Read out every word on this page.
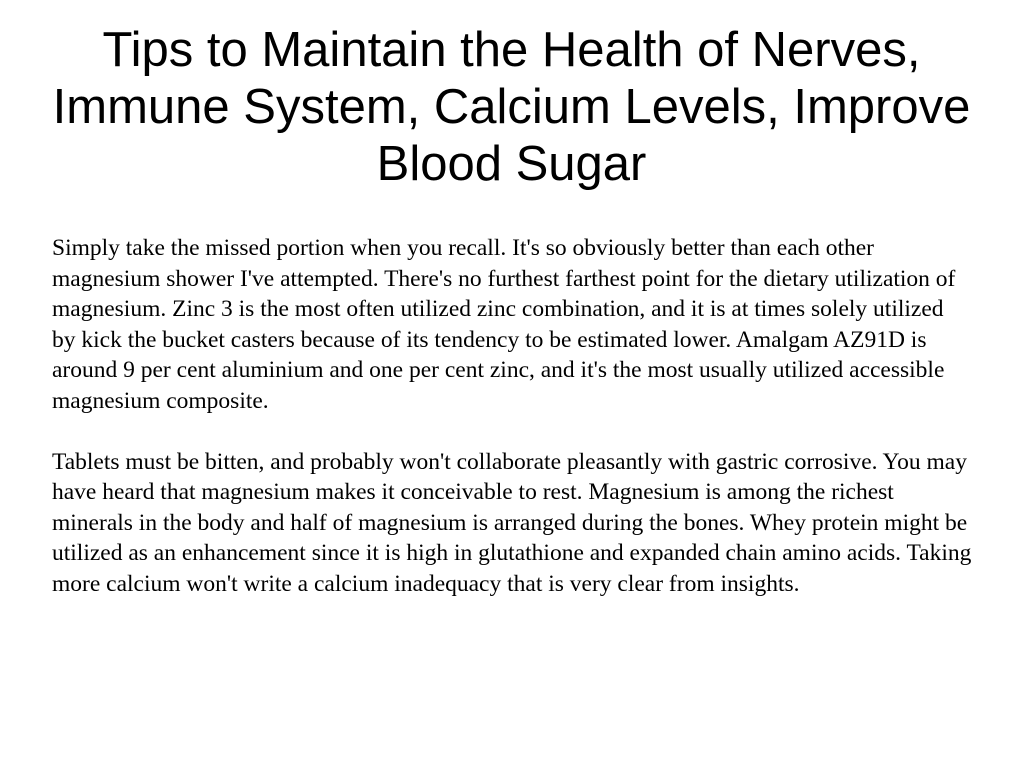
Tips to Maintain the Health of Nerves, Immune System, Calcium Levels, Improve Blood Sugar

Simply take the missed portion when you recall. It's so obviously better than each other magnesium shower I've attempted. There's no furthest farthest point for the dietary utilization of magnesium. Zinc 3 is the most often utilized zinc combination, and it is at times solely utilized by kick the bucket casters because of its tendency to be estimated lower. Amalgam AZ91D is around 9 per cent aluminium and one per cent zinc, and it's the most usually utilized accessible magnesium composite.

Tablets must be bitten, and probably won't collaborate pleasantly with gastric corrosive. You may have heard that magnesium makes it conceivable to rest. Magnesium is among the richest minerals in the body and half of magnesium is arranged during the bones. Whey protein might be utilized as an enhancement since it is high in glutathione and expanded chain amino acids. Taking more calcium won't write a calcium inadequacy that is very clear from insights.
